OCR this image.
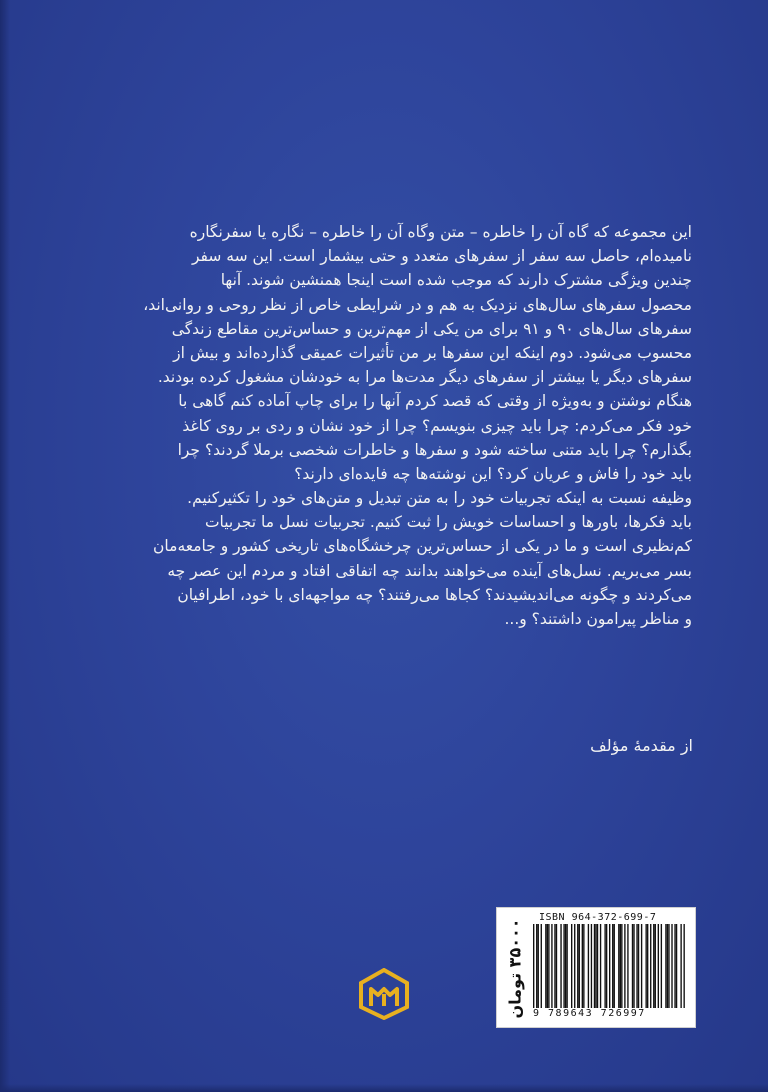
این مجموعه که گاه آن را خاطره – متن وگاه آن را خاطره – نگاره یا سفرنگاره
نامیده‌ام، حاصل سه سفر از سفرهای متعدد و حتی بیشمار است. این سه سفر
چندین ویژگی مشترک دارند که موجب شده است اینجا همنشین شوند. آنها
محصول سفرهای سال‌های نزدیک به هم و در شرایطی خاص از نظر روحی و روانی‌اند،
سفرهای سال‌های ۹۰ و ۹۱ برای من یکی از مهم‌ترین و حساس‌ترین مقاطع زندگی
محسوب می‌شود. دوم اینکه این سفرها بر من تأثیرات عمیقی گذارده‌اند و بیش از
سفرهای دیگر یا بیشتر از سفرهای دیگر مدت‌ها مرا به خودشان مشغول کرده بودند.
هنگام نوشتن و به‌ویژه از وقتی که قصد کردم آنها را برای چاپ آماده کنم گاهی با
خود فکر می‌کردم: چرا باید چیزی بنویسم؟ چرا از خود نشان و ردی بر روی کاغذ
بگذارم؟ چرا باید متنی ساخته شود و سفرها و خاطرات شخصی برملا گردند؟ چرا
باید خود را فاش و عریان کرد؟ این نوشته‌ها چه فایده‌ای دارند؟
وظیفه نسبت به اینکه تجربیات خود را به متن تبدیل و متن‌های خود را تکثیرکنیم.
باید فکرها، باورها و احساسات خویش را ثبت کنیم. تجربیات نسل ما تجربیات
کم‌نظیری است و ما در یکی از حساس‌ترین چرخشگاه‌های تاریخی کشور و جامعه‌مان
بسر می‌بریم. نسل‌های آینده می‌خواهند بدانند چه اتفاقی افتاد و مردم این عصر چه
می‌کردند و چگونه می‌اندیشیدند؟ کجاها می‌رفتند؟ چه مواجهه‌ای با خود، اطرافیان
و مناظر پیرامون داشتند؟ و...
از مقدمهٔ مؤلف
۳۵۰۰۰ تومان
ISBN 964-372-699-7
9 789643 726997
